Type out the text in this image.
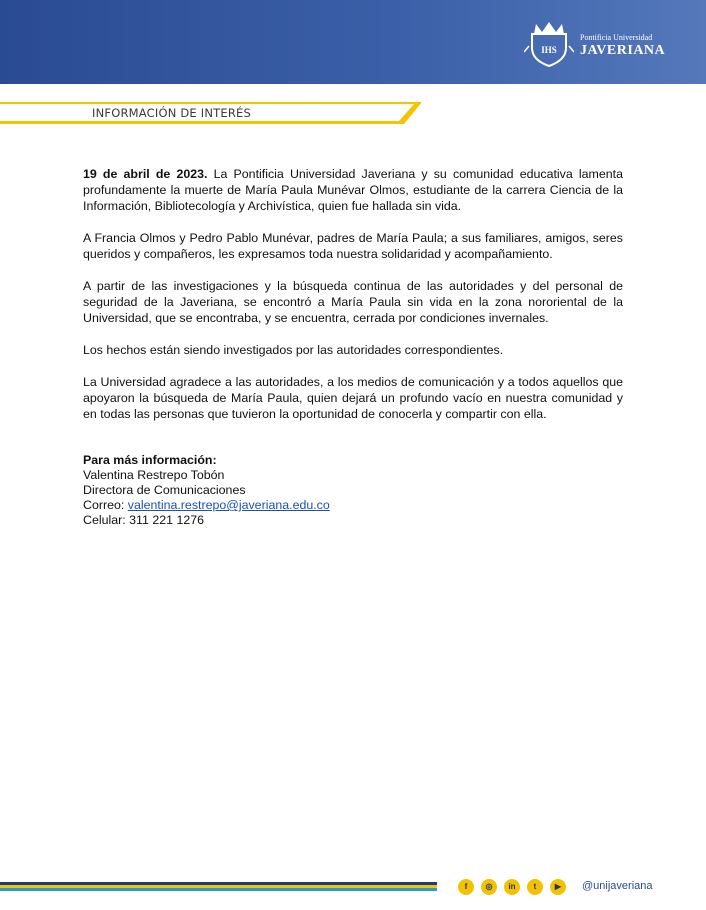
IHS
Pontificia Universidad
JAVERIANA
INFORMACIÓN DE INTERÉS

19 de abril de 2023. La Pontificia Universidad Javeriana y su comunidad educativa lamenta profundamente la muerte de María Paula Munévar Olmos, estudiante de la carrera Ciencia de la Información, Bibliotecología y Archivística, quien fue hallada sin vida.

A Francia Olmos y Pedro Pablo Munévar, padres de María Paula; a sus familiares, amigos, seres queridos y compañeros, les expresamos toda nuestra solidaridad y acompañamiento.

A partir de las investigaciones y la búsqueda continua de las autoridades y del personal de seguridad de la Javeriana, se encontró a María Paula sin vida en la zona nororiental de la Universidad, que se encontraba, y se encuentra, cerrada por condiciones invernales.

Los hechos están siendo investigados por las autoridades correspondientes.

La Universidad agradece a las autoridades, a los medios de comunicación y a todos aquellos que apoyaron la búsqueda de María Paula, quien dejará un profundo vacío en nuestra comunidad y en todas las personas que tuvieron la oportunidad de conocerla y compartir con ella.

Para más información:
Valentina Restrepo Tobón
Directora de Comunicaciones
Correo: valentina.restrepo@javeriana.edu.co
Celular: 311 221 1276
f	◎	in	t	▶	@unijaveriana
